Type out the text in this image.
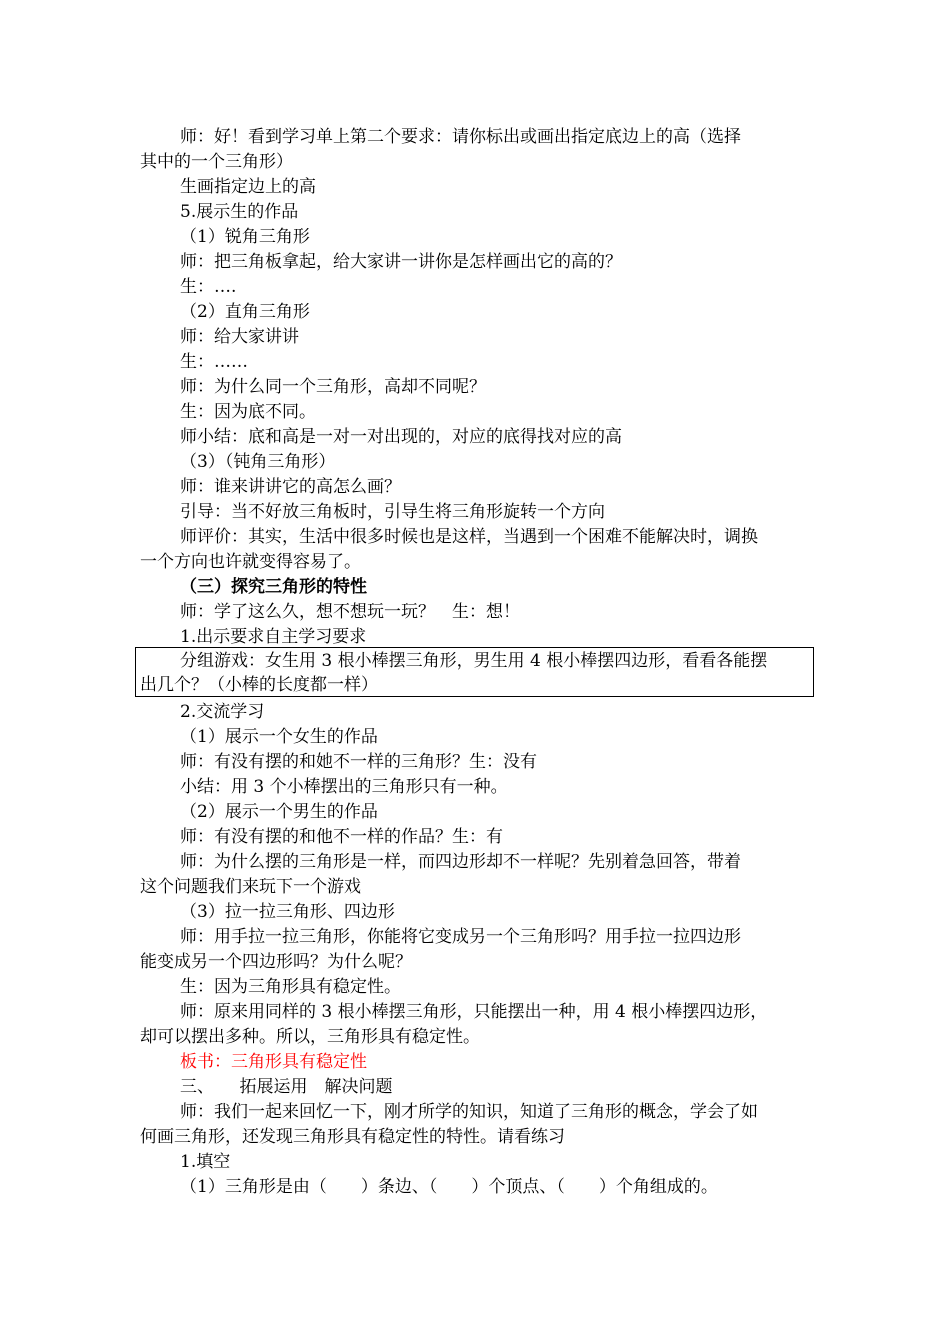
师：好！看到学习单上第二个要求：请你标出或画出指定底边上的高（选择
其中的一个三角形）
生画指定边上的高
5.展示生的作品
（1）锐角三角形
师：把三角板拿起，给大家讲一讲你是怎样画出它的高的？
生：….
（2）直角三角形
师：给大家讲讲
生：……
师：为什么同一个三角形，高却不同呢？
生：因为底不同。
师小结：底和高是一对一对出现的，对应的底得找对应的高
（3）（钝角三角形）
师：谁来讲讲它的高怎么画？
引导：当不好放三角板时，引导生将三角形旋转一个方向
师评价：其实，生活中很多时候也是这样，当遇到一个困难不能解决时，调换
一个方向也许就变得容易了。
（三）探究三角形的特性
师：学了这么久，想不想玩一玩？　生：想！
1.出示要求自主学习要求
分组游戏：女生用 3 根小棒摆三角形，男生用 4 根小棒摆四边形，看看各能摆
出几个？（小棒的长度都一样）
2.交流学习
（1）展示一个女生的作品
师：有没有摆的和她不一样的三角形？生：没有
小结：用 3 个小棒摆出的三角形只有一种。
（2）展示一个男生的作品
师：有没有摆的和他不一样的作品？生：有
师：为什么摆的三角形是一样，而四边形却不一样呢？先别着急回答，带着
这个问题我们来玩下一个游戏
（3）拉一拉三角形、四边形
师：用手拉一拉三角形，你能将它变成另一个三角形吗？用手拉一拉四边形
能变成另一个四边形吗？为什么呢？
生：因为三角形具有稳定性。
师：原来用同样的 3 根小棒摆三角形，只能摆出一种，用 4 根小棒摆四边形，
却可以摆出多种。所以，三角形具有稳定性。
板书：三角形具有稳定性
三、　　拓展运用　解决问题
师：我们一起来回忆一下，刚才所学的知识，知道了三角形的概念，学会了如
何画三角形，还发现三角形具有稳定性的特性。请看练习
1.填空
（1）三角形是由（　　）条边、（　　）个顶点、（　　）个角组成的。
